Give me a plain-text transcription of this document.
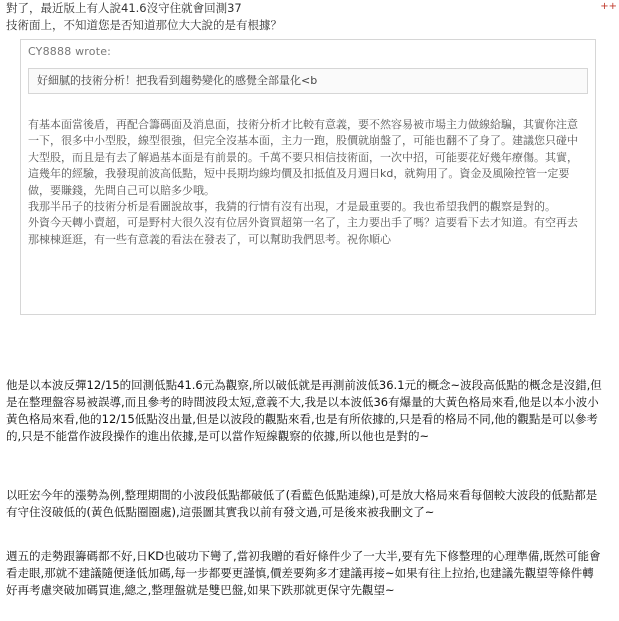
對了，最近版上有人說41.6沒守住就會回測37
技術面上，不知道您是否知道那位大大說的是有根據？
++
CY8888 wrote:
好細膩的技術分析！把我看到趨勢變化的感覺全部量化<b

有基本面當後盾，再配合籌碼面及消息面，技術分析才比較有意義，要不然容易被市場主力做線給騙，其實你注意一下，很多中小型股，線型很強，但完全沒基本面，主力一跑，股價就崩盤了，可能也翻不了身了。建議您只碰中大型股，而且是有去了解過基本面是有前景的。千萬不要只相信技術面，一次中招，可能要花好幾年療傷。其實，這幾年的經驗，我發現前波高低點，短中長期均線均價及扣抵值及月週日kd，就夠用了。資金及風險控管一定要做，要賺錢，先問自己可以賠多少哦。

我那半吊子的技術分析是看圖說故事，我猜的行情有沒有出現，才是最重要的。我也希望我們的觀察是對的。

外資今天轉小賣超，可是野村大很久沒有位居外資買超第一名了，主力要出手了嗎？這要看下去才知道。有空再去那棟棟逛逛，有一些有意義的看法在發表了，可以幫助我們思考。祝你順心

他是以本波反彈12/15的回測低點41.6元為觀察,所以破低就是再測前波低36.1元的概念~波段高低點的概念是沒錯,但是在整理盤容易被誤導,而且參考的時間波段太短,意義不大,我是以本波低36有爆量的大黃色格局來看,他是以本小波小黃色格局來看,他的12/15低點沒出量,但是以波段的觀點來看,也是有所依據的,只是看的格局不同,他的觀點是可以參考的,只是不能當作波段操作的進出依據,是可以當作短線觀察的依據,所以他也是對的~

以旺宏今年的漲勢為例,整理期間的小波段低點都破低了(看藍色低點連線),可是放大格局來看每個較大波段的低點都是有守住沒破低的(黃色低點圈圈處),這張圖其實我以前有發文過,可是後來被我刪文了~

週五的走勢跟籌碼都不好,日KD也破功下彎了,當初我贈的看好條件少了一大半,要有先下修整理的心理準備,既然可能會看走眼,那就不建議隨便逢低加碼,每一步都要更謹慎,價差要夠多才建議再接~如果有往上拉抬,也建議先觀望等條件轉好再考慮突破加碼買進,總之,整理盤就是雙巴盤,如果下跌那就更保守先觀望~
